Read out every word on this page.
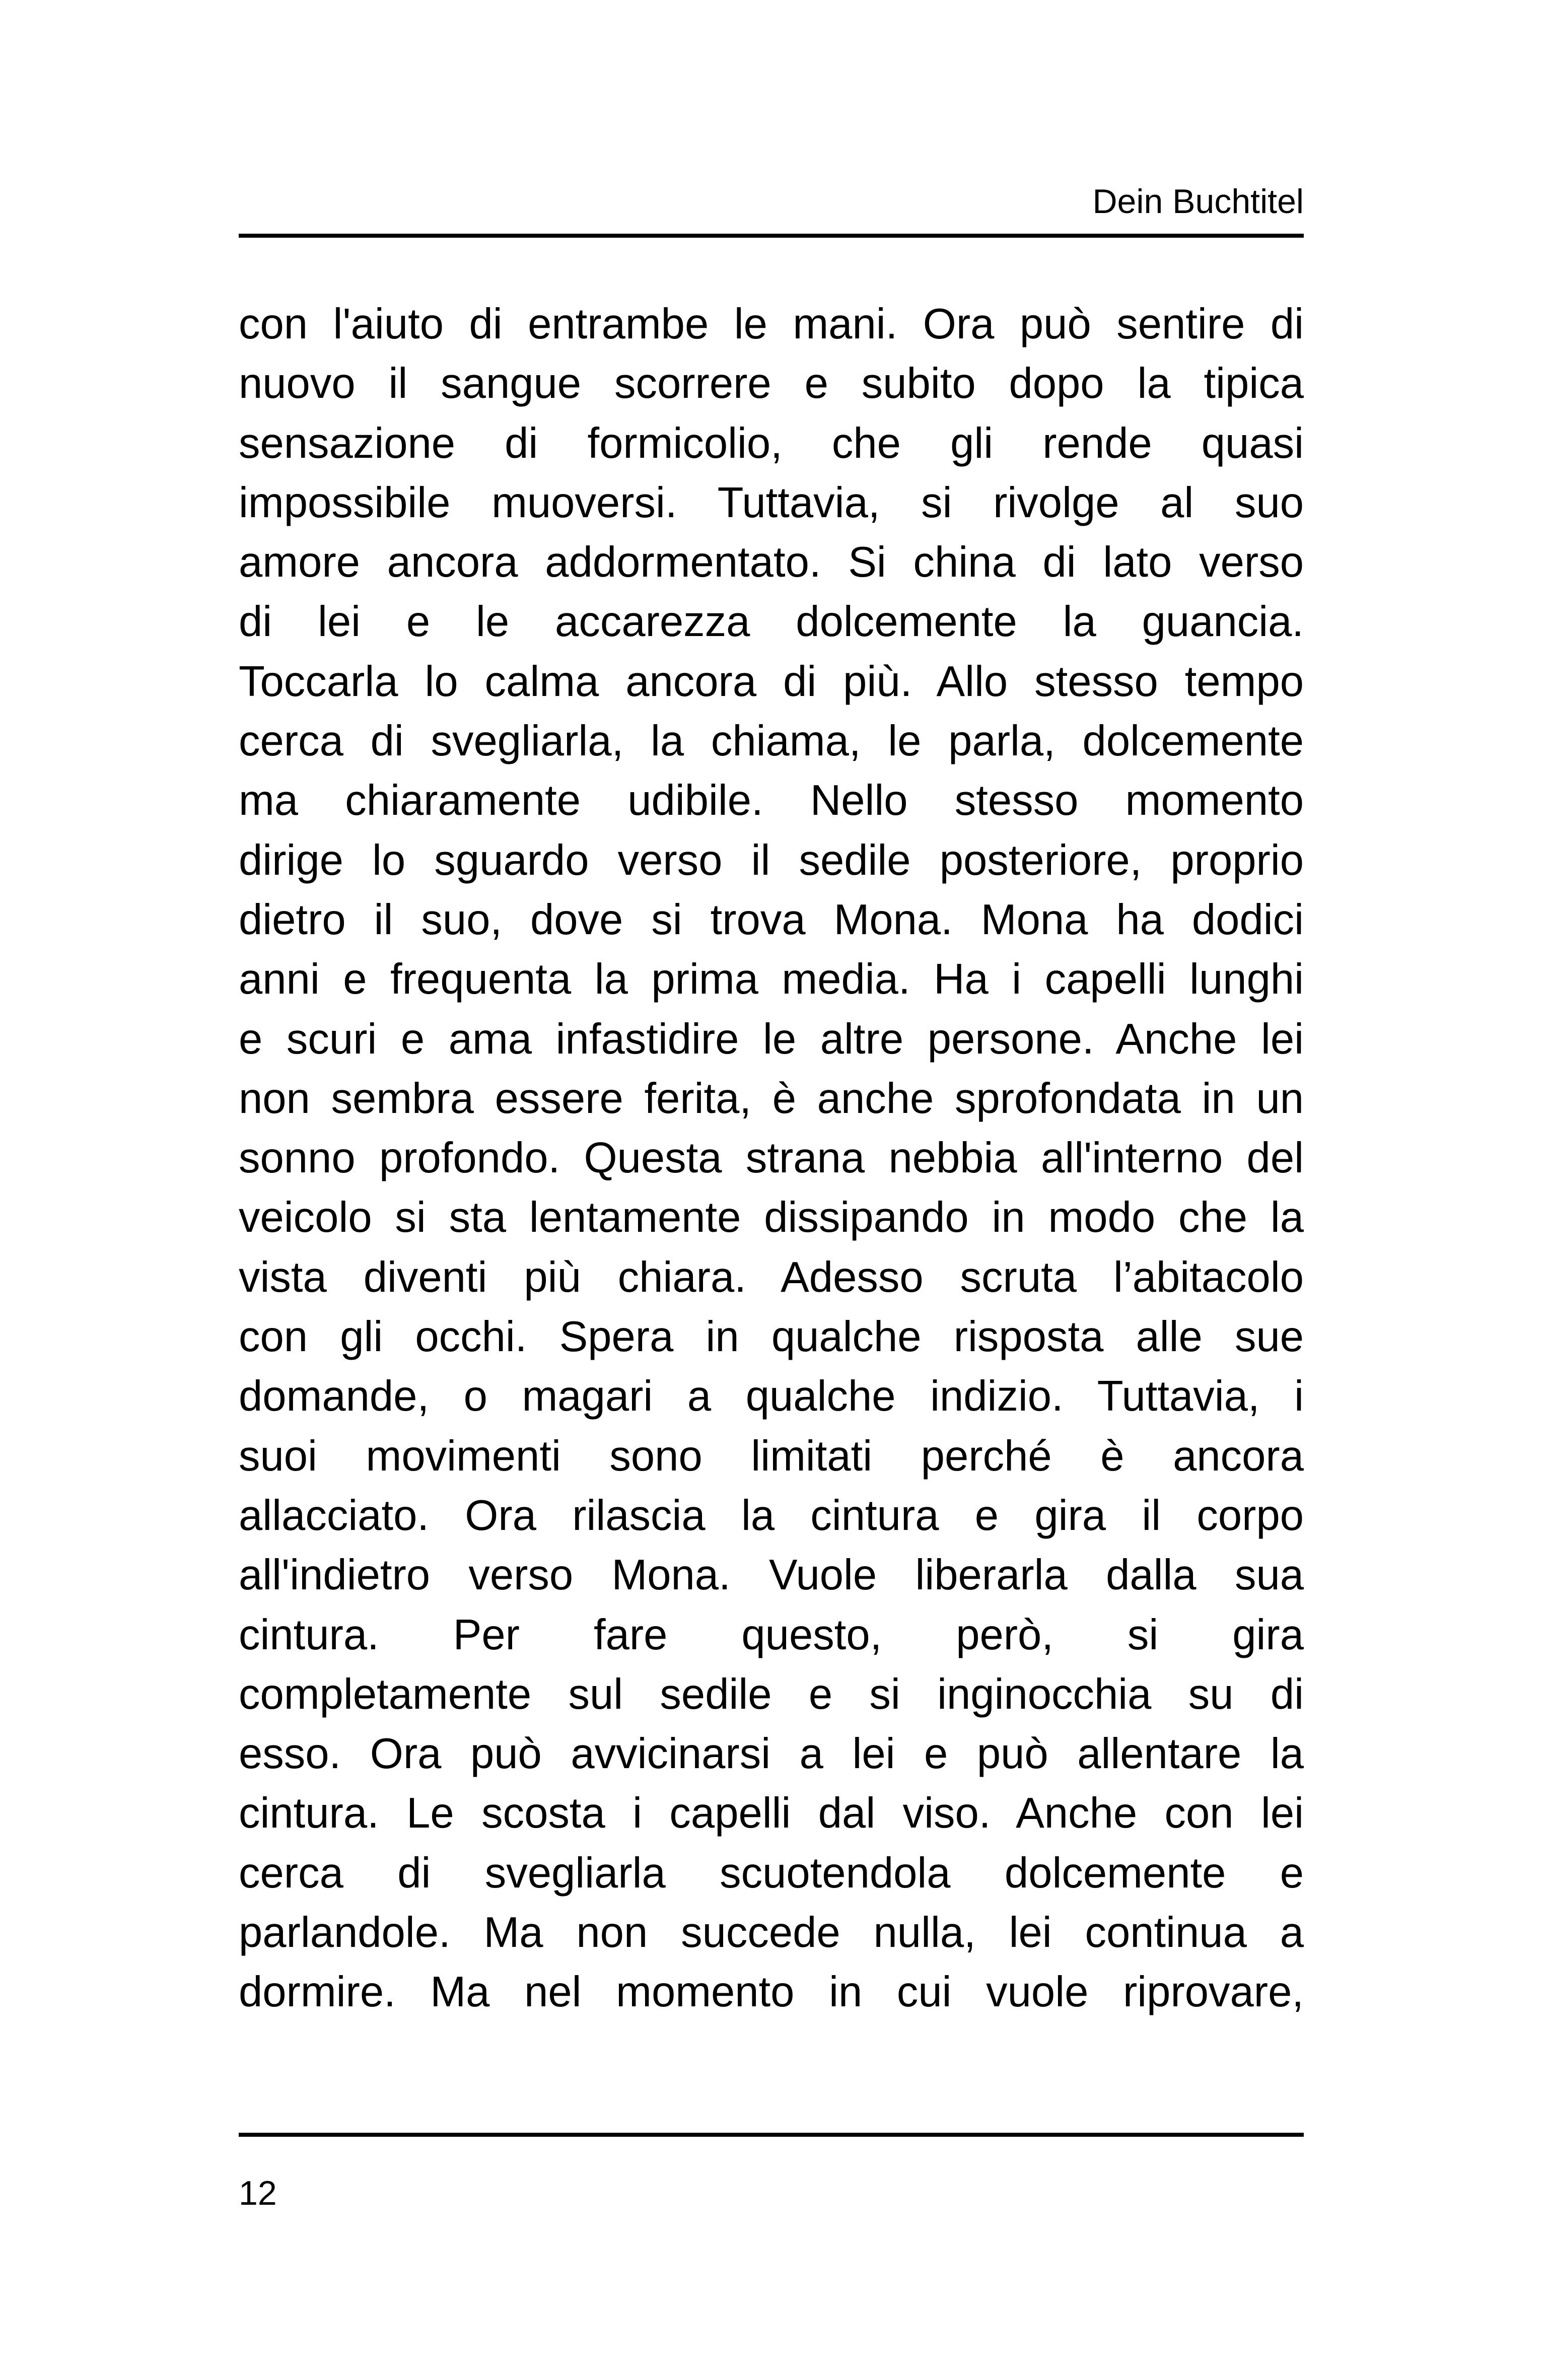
Dein Buchtitel
con l'aiuto di entrambe le mani. Ora può sentire di
nuovo il sangue scorrere e subito dopo la tipica
sensazione di formicolio, che gli rende quasi
impossibile muoversi. Tuttavia, si rivolge al suo
amore ancora addormentato. Si china di lato verso
di lei e le accarezza dolcemente la guancia.
Toccarla lo calma ancora di più. Allo stesso tempo
cerca di svegliarla, la chiama, le parla, dolcemente
ma chiaramente udibile. Nello stesso momento
dirige lo sguardo verso il sedile posteriore, proprio
dietro il suo, dove si trova Mona. Mona ha dodici
anni e frequenta la prima media. Ha i capelli lunghi
e scuri e ama infastidire le altre persone. Anche lei
non sembra essere ferita, è anche sprofondata in un
sonno profondo. Questa strana nebbia all'interno del
veicolo si sta lentamente dissipando in modo che la
vista diventi più chiara. Adesso scruta l’abitacolo
con gli occhi. Spera in qualche risposta alle sue
domande, o magari a qualche indizio. Tuttavia, i
suoi movimenti sono limitati perché è ancora
allacciato. Ora rilascia la cintura e gira il corpo
all'indietro verso Mona. Vuole liberarla dalla sua
cintura. Per fare questo, però, si gira
completamente sul sedile e si inginocchia su di
esso. Ora può avvicinarsi a lei e può allentare la
cintura. Le scosta i capelli dal viso. Anche con lei
cerca di svegliarla scuotendola dolcemente e
parlandole. Ma non succede nulla, lei continua a
dormire. Ma nel momento in cui vuole riprovare,
12
